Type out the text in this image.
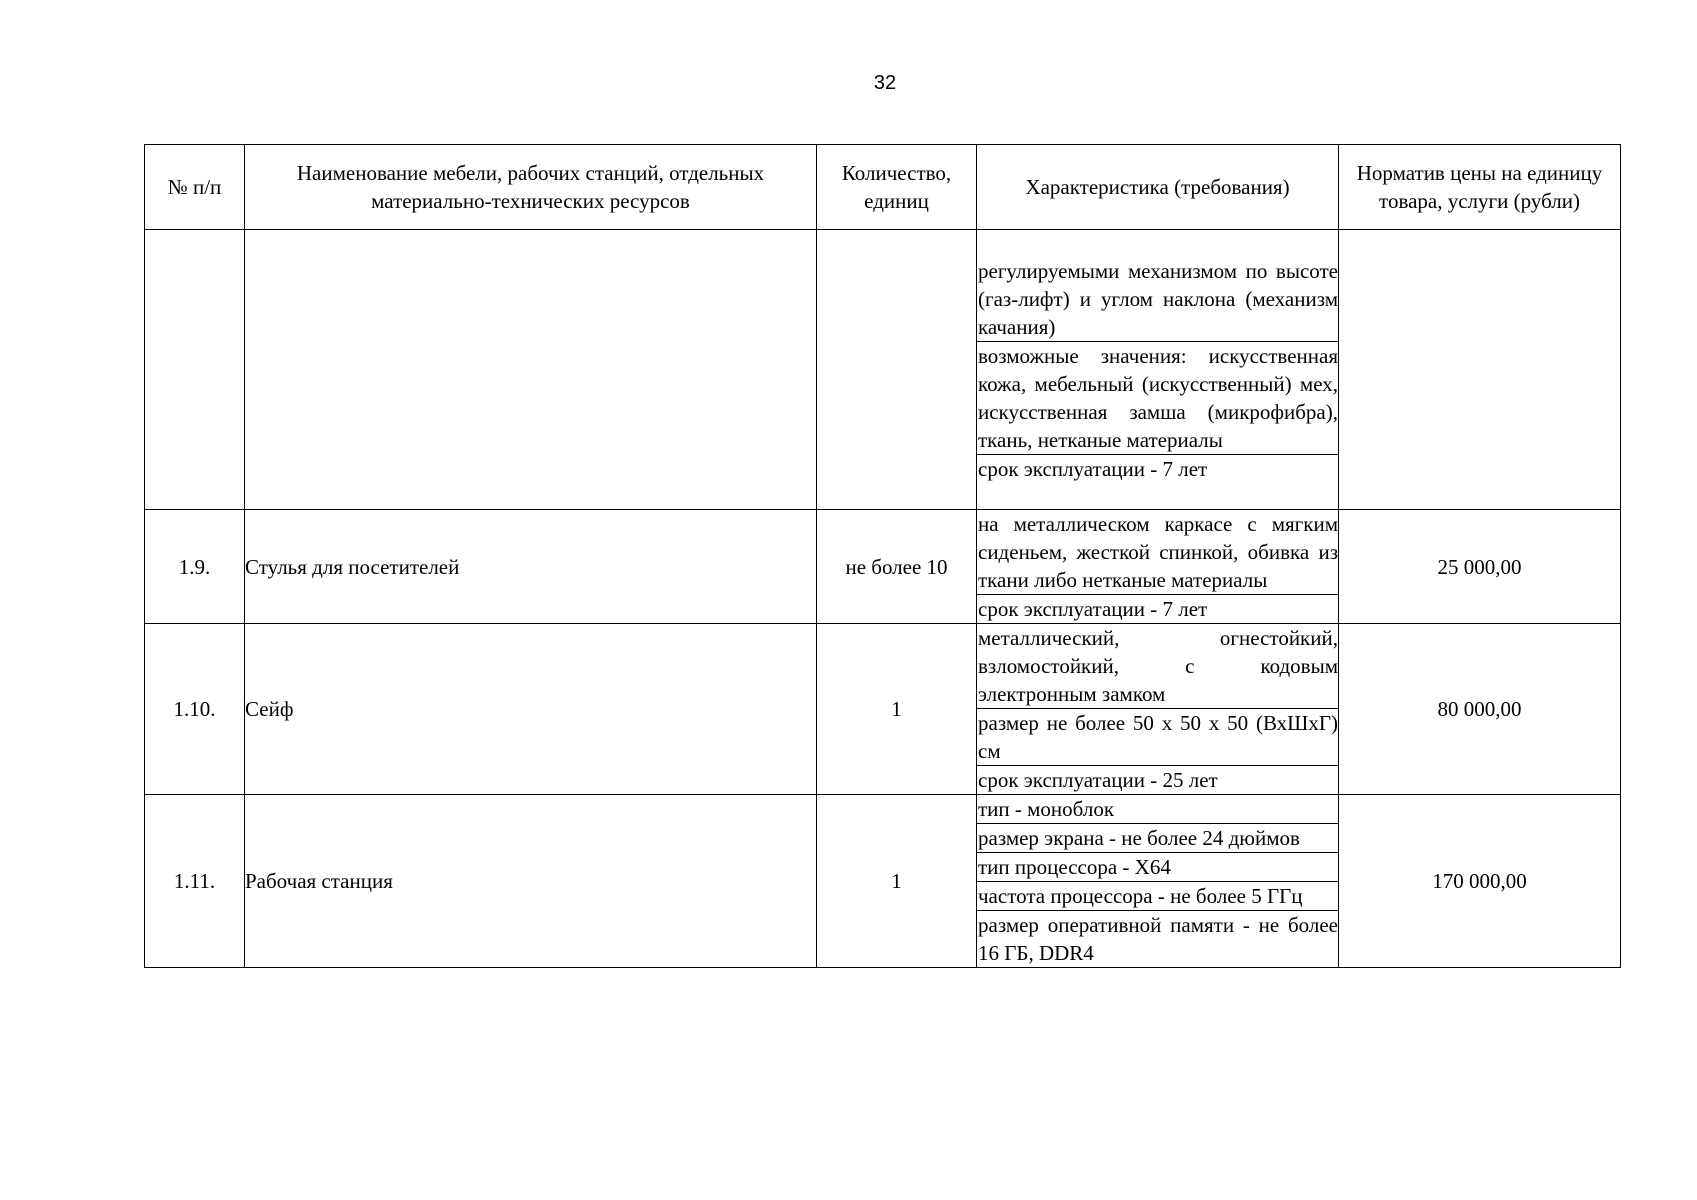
32
№ п/п	Наименование мебели, рабочих станций, отдельных материально-технических ресурсов	Количество, единиц	Характеристика (требования)	Норматив цены на единицу товара, услуги (рубли)

			регулируемыми механизмом по высоте (газ-лифт) и углом наклона (механизм качания)
возможные значения: искусственная кожа, мебельный (искусственный) мех, искусственная замша (микрофибра), ткань, нетканые материалы
срок эксплуатации - 7 лет	

1.9.	Стулья для посетителей	не более 10	на металлическом каркасе с мягким сиденьем, жесткой спинкой, обивка из ткани либо нетканые материалы
срок эксплуатации - 7 лет	25 000,00
1.10.	Сейф	1	металлический, огнестойкий, взломостойкий, с кодовым электронным замком
размер не более 50 х 50 х 50 (ВхШхГ) см
срок эксплуатации - 25 лет	80 000,00
1.11.	Рабочая станция	1	тип - моноблок
размер экрана - не более 24 дюймов
тип процессора - X64
частота процессора - не более 5 ГГц
размер оперативной памяти - не более 16 ГБ, DDR4	170 000,00
